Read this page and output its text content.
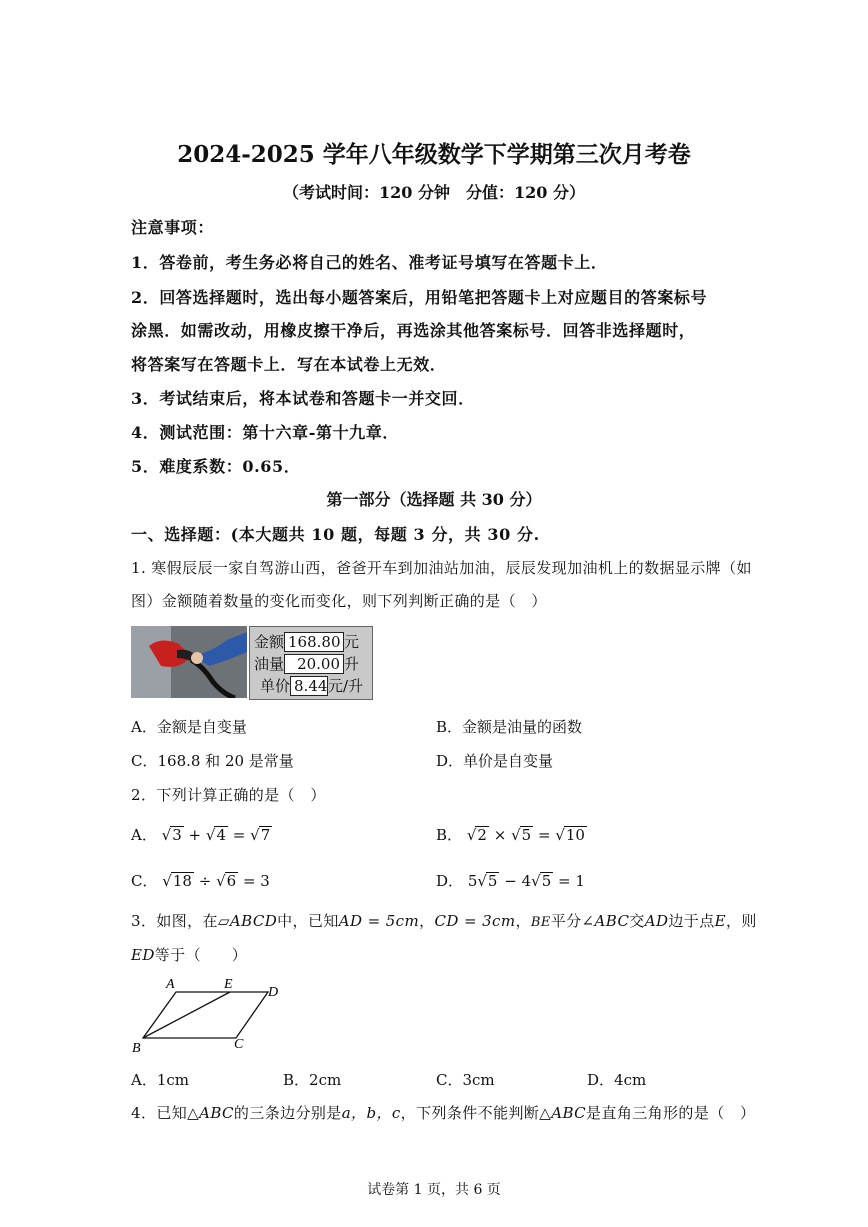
2024-2025 学年八年级数学下学期第三次月考卷
（考试时间：120 分钟　分值：120 分）
注意事项：
1．答卷前，考生务必将自己的姓名、准考证号填写在答题卡上．
2．回答选择题时，选出每小题答案后，用铅笔把答题卡上对应题目的答案标号
涂黑．如需改动，用橡皮擦干净后，再选涂其他答案标号．回答非选择题时，
将答案写在答题卡上．写在本试卷上无效．
3．考试结束后，将本试卷和答题卡一并交回．
4．测试范围：第十六章-第十九章．
5．难度系数：0.65．
第一部分（选择题 共 30 分）
一、选择题：(本大题共 10 题，每题 3 分，共 30 分.
1. 寒假辰辰一家自驾游山西，爸爸开车到加油站加油，辰辰发现加油机上的数据显示牌（如
图）金额随着数量的变化而变化，则下列判断正确的是（　）
金额 168.80 元
油量 20.00 升
单价 8.44元/升
A．金额是自变量	B．金额是油量的函数
C．168.8 和 20 是常量	D．单价是自变量
2．下列计算正确的是（　）
A． √3 + √4 = √7	B． √2 × √5 = √10
C． √18 ÷ √6 = 3	D． 5√5 − 4√5 = 1
3．如图，在▱ABCD中，已知AD = 5cm，CD = 3cm，BE平分∠ABC交AD边于点E，则
ED等于（　　）
A	E
D
B	C
A．1cm	B．2cm	C．3cm	D．4cm
4．已知△ABC的三条边分别是a，b，c，下列条件不能判断△ABC是直角三角形的是（　）
试卷第 1 页，共 6 页
